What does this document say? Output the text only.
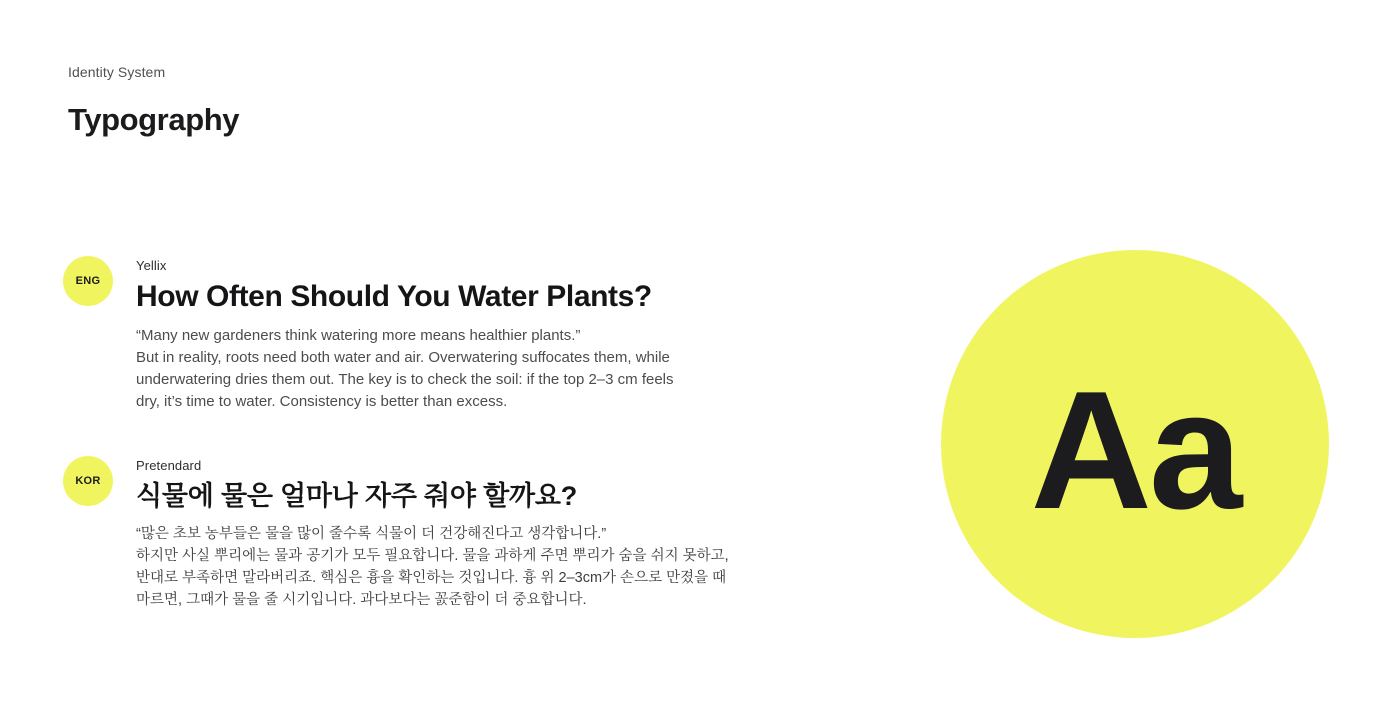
Identity System
Typography
ENG
Yellix
How Often Should You Water Plants?

“Many new gardeners think watering more means healthier plants.”
But in reality, roots need both water and air. Overwatering suffocates them, while
underwatering dries them out. The key is to check the soil: if the top 2–3 cm feels
dry, it’s time to water. Consistency is better than excess.

KOR
Pretendard
식물에 물은 얼마나 자주 줘야 할까요?

“많은 초보 농부들은 물을 많이 줄수록 식물이 더 건강해진다고 생각합니다.”
하지만 사실 뿌리에는 물과 공기가 모두 필요합니다. 물을 과하게 주면 뿌리가 숨을 쉬지 못하고,
반대로 부족하면 말라버리죠. 핵심은 흉을 확인하는 것입니다. 흉 위 2–3cm가 손으로 만졌을 때
마르면, 그때가 물을 줄 시기입니다. 과다보다는 꼸준함이 더 중요합니다.

Aa
